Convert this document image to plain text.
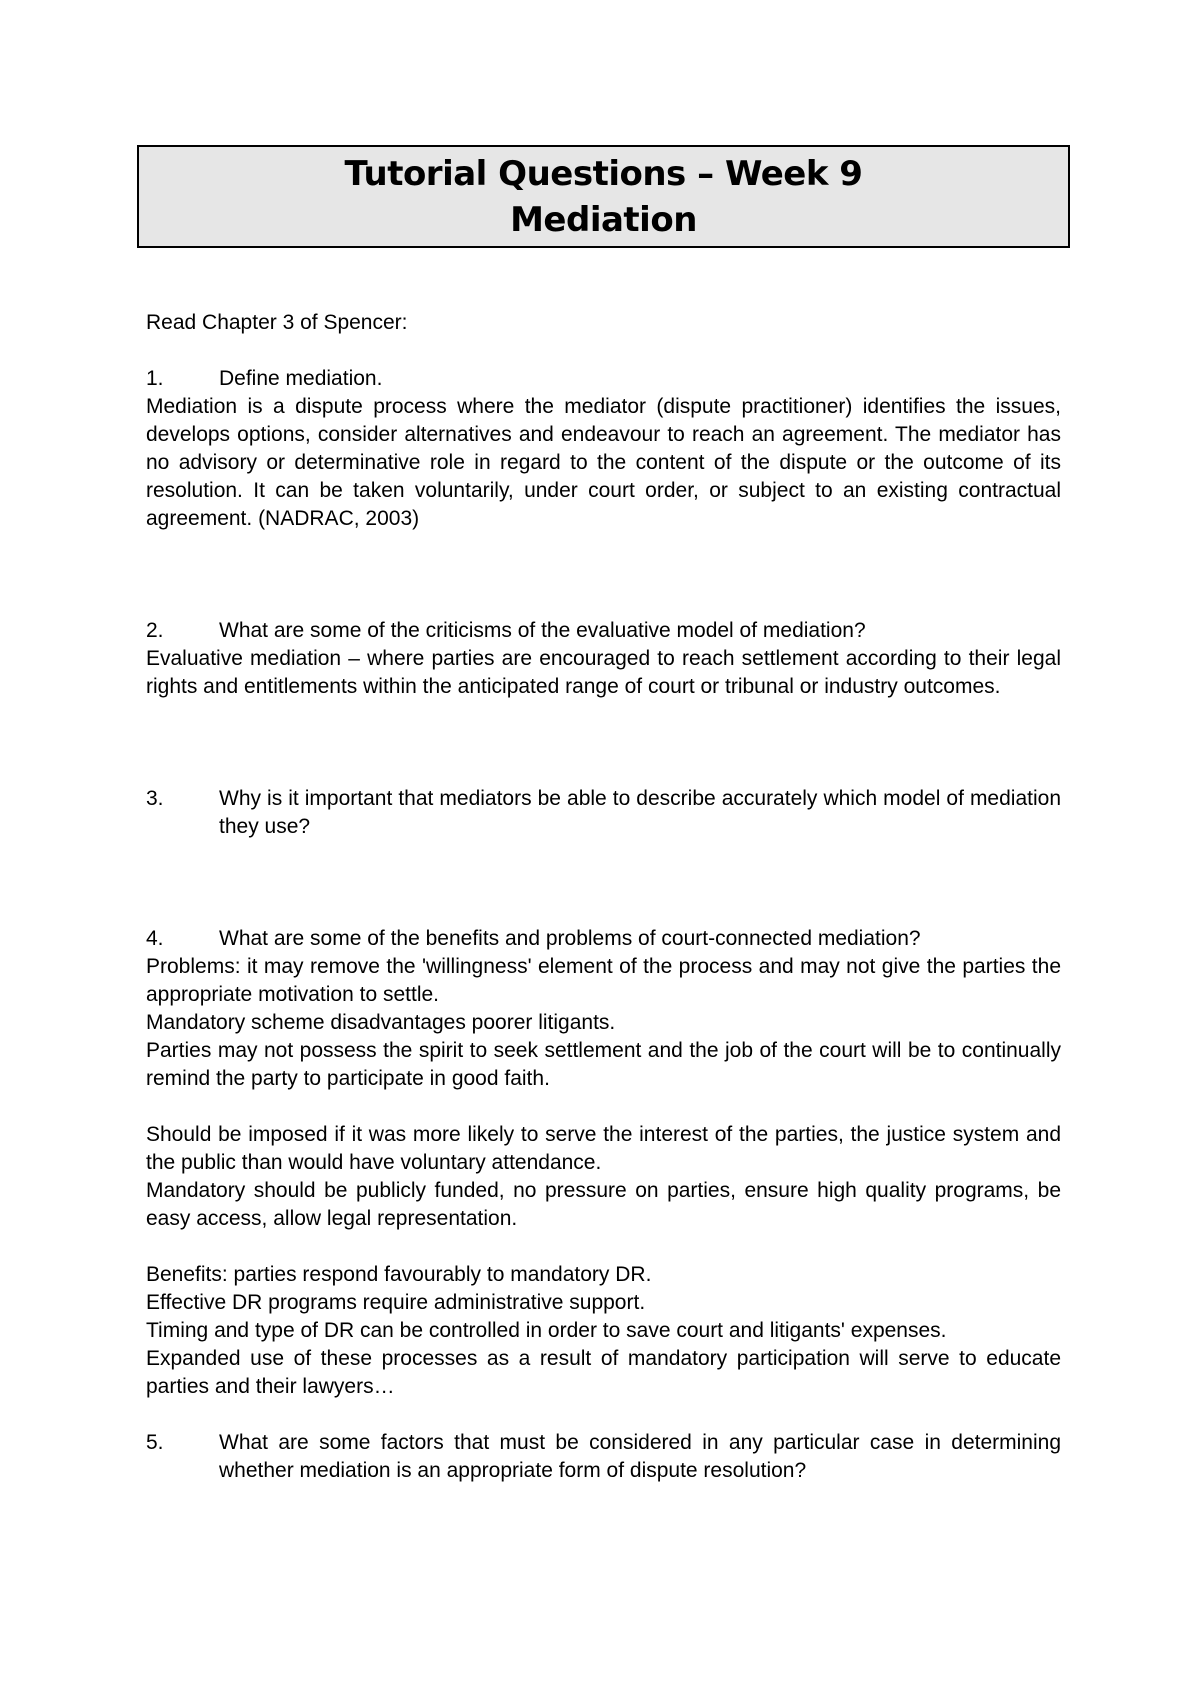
Tutorial Questions – Week 9
Mediation

Read Chapter 3 of Spencer:

1.	Define mediation.

Mediation is a dispute process where the mediator (dispute practitioner) identifies the issues, develops options, consider alternatives and endeavour to reach an agreement. The mediator has no advisory or determinative role in regard to the content of the dispute or the outcome of its resolution. It can be taken voluntarily, under court order, or subject to an existing contractual agreement. (NADRAC, 2003)

2.	What are some of the criticisms of the evaluative model of mediation?

Evaluative mediation – where parties are encouraged to reach settlement according to their legal rights and entitlements within the anticipated range of court or tribunal or industry outcomes.

3.	Why is it important that mediators be able to describe accurately which model of mediation they use?
4.	What are some of the benefits and problems of court-connected mediation?

Problems: it may remove the 'willingness' element of the process and may not give the parties the appropriate motivation to settle.

Mandatory scheme disadvantages poorer litigants.

Parties may not possess the spirit to seek settlement and the job of the court will be to continually remind the party to participate in good faith.

Should be imposed if it was more likely to serve the interest of the parties, the justice system and the public than would have voluntary attendance.

Mandatory should be publicly funded, no pressure on parties, ensure high quality programs, be easy access, allow legal representation.

Benefits: parties respond favourably to mandatory DR.

Effective DR programs require administrative support.

Timing and type of DR can be controlled in order to save court and litigants' expenses.

Expanded use of these processes as a result of mandatory participation will serve to educate parties and their lawyers…

5.	What are some factors that must be considered in any particular case in determining whether mediation is an appropriate form of dispute resolution?
